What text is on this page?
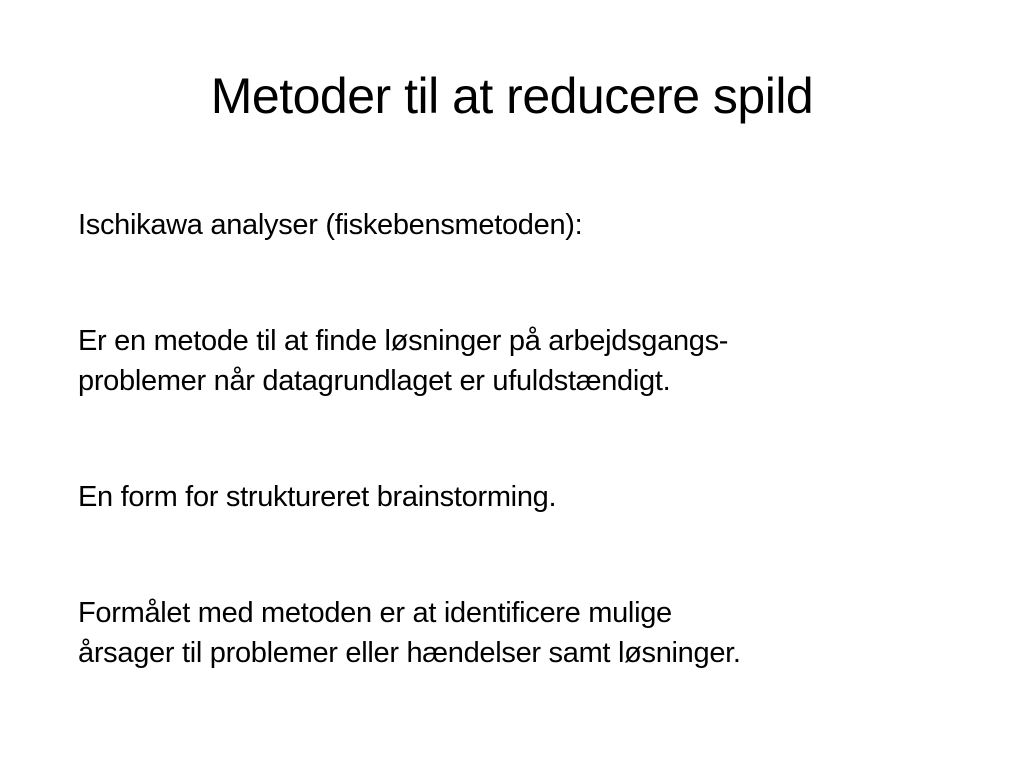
Metoder til at reducere spild

Ischikawa analyser (fiskebensmetoden):

Er en metode til at finde løsninger på arbejdsgangs-
problemer når datagrundlaget er ufuldstændigt.

En form for struktureret brainstorming.

Formålet med metoden er at identificere mulige
årsager til problemer eller hændelser samt løsninger.
